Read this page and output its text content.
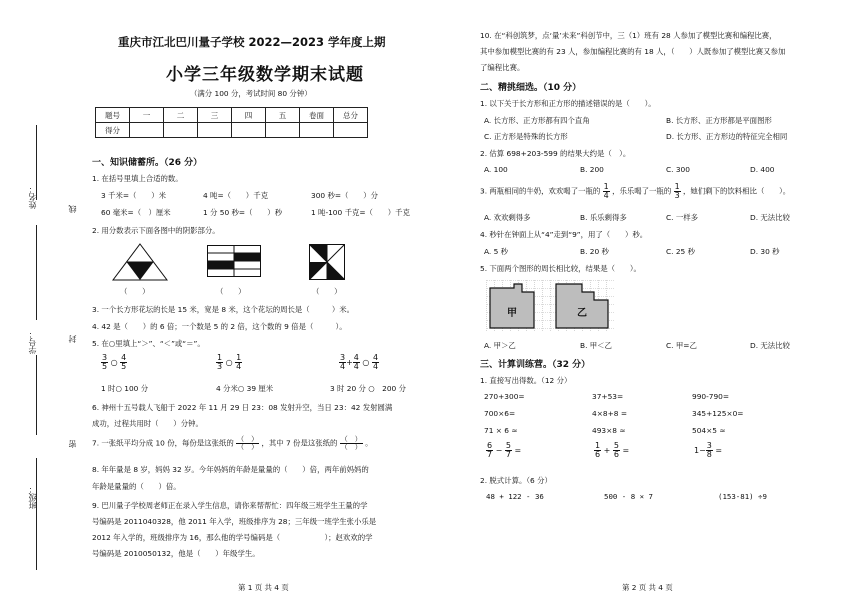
姓名：	线
学号：	封
班级：
密
重庆市江北巴川量子学校 2022—2023 学年度上期
小学三年级数学期末试题
（满分 100 分，考试时间 80 分钟）
题号	一	二	三	四	五	卷面	总分
得分							
一、知识储蓄所。（26 分）
1. 在括号里填上合适的数。
3 千米=（　　）米	4 吨=（　　）千克	300 秒=（　　）分
60 毫米=（　）厘米	1 分 50 秒=（　　）秒	1 吨-100 千克=（　　）千克
2. 用分数表示下面各图中的阴影部分。
（　　）	（　　）	（　　）
3. 一个长方形花坛的长是 15 米，宽是 8 米，这个花坛的周长是（　　　）米。
4. 42 是（　　）的 6 倍；一个数是 5 的 2 倍，这个数的 9 倍是（　　　）。
5. 在○里填上“＞”、“＜”或“＝”。
$\frac{3}{5}$ ○ $\frac{4}{5}$	$\frac{1}{3}$ ○ $\frac{1}{4}$	$\frac{3}{4} + \frac{4}{4}$ ○ $\frac{4}{4}$
1 时○ 100 分	4 分米○ 39 厘米	3 时 20 分 ○　200 分
6. 神州十五号载人飞船于 2022 年 11 月 29 日 23：08 发射升空，当日 23：42 发射圆满
成功，过程共用时（　　）分钟。
7. 一张纸平均分成 10 份，每份是这张纸的 $\frac{( )}{( )}$ ，其中 7 份是这张纸的 $\frac{( )}{( )}$ 。
8. 年年量是 8 岁，妈妈 32 岁。今年妈妈的年龄是量量的（　　）倍，两年前妈妈的
年龄是量量的（　　）倍。
9. 巴川量子学校周老师正在录入学生信息，请你来帮帮忙：四年级三班学生王量的学
号编码是 2011040328，他 2011 年入学，班级排序为 28；三年级一班学生张小乐是
2012 年入学的，班级排序为 16，那么他的学号编码是（　　　　　　）；赵欢欢的学
号编码是 2010050132，他是（　　）年级学生。
第 1 页 共 4 页
10. 在“科创筑梦，点‘量’未来”科创节中，三（1）班有 28 人参加了模型比赛和编程比赛，
其中参加模型比赛的有 23 人，参加编程比赛的有 18 人，（　　）人既参加了模型比赛又参加
了编程比赛。
二、精挑细选。（10 分）
1. 以下关于长方形和正方形的描述错误的是（　　）。
A. 长方形、正方形都有四个直角	B. 长方形、正方形都是平面图形
C. 正方形是特殊的长方形	D. 长方形、正方形边的特征完全相同
2. 估算 698+203-599 的结果大约是（　）。
A. 100	B. 200	C. 300	D. 400
3. 两瓶相同的牛奶，欢欢喝了一瓶的 $\frac{1}{4}$ ，乐乐喝了一瓶的 $\frac{1}{3}$ ，她们剩下的饮料相比（　　）。
A. 欢欢剩得多	B. 乐乐剩得多	C. 一样多	D. 无法比较
4. 秒针在钟面上从“4”走到“9”，用了（　　）秒。
A. 5 秒	B. 20 秒	C. 25 秒	D. 30 秒
5. 下面两个图形的周长相比较，结果是（　　）。
甲	乙
A. 甲＞乙	B. 甲＜乙	C. 甲=乙	D. 无法比较
三、计算训练营。（32 分）
1. 直接写出得数。（12 分）
270+300=	37+53=	990-790=
700×6=	4×8+8 =	345+125×0=
71 × 6 ≈	493×8 ≈	504×5 ≈
$\frac{6}{7} - \frac{5}{7}$ =	$\frac{1}{6} + \frac{5}{6}$ =	$1- \frac{3}{8}$ =
2. 脱式计算。（6 分）
48 + 122 - 36	500 - 8 × 7	(153-81) ÷9
第 2 页 共 4 页
